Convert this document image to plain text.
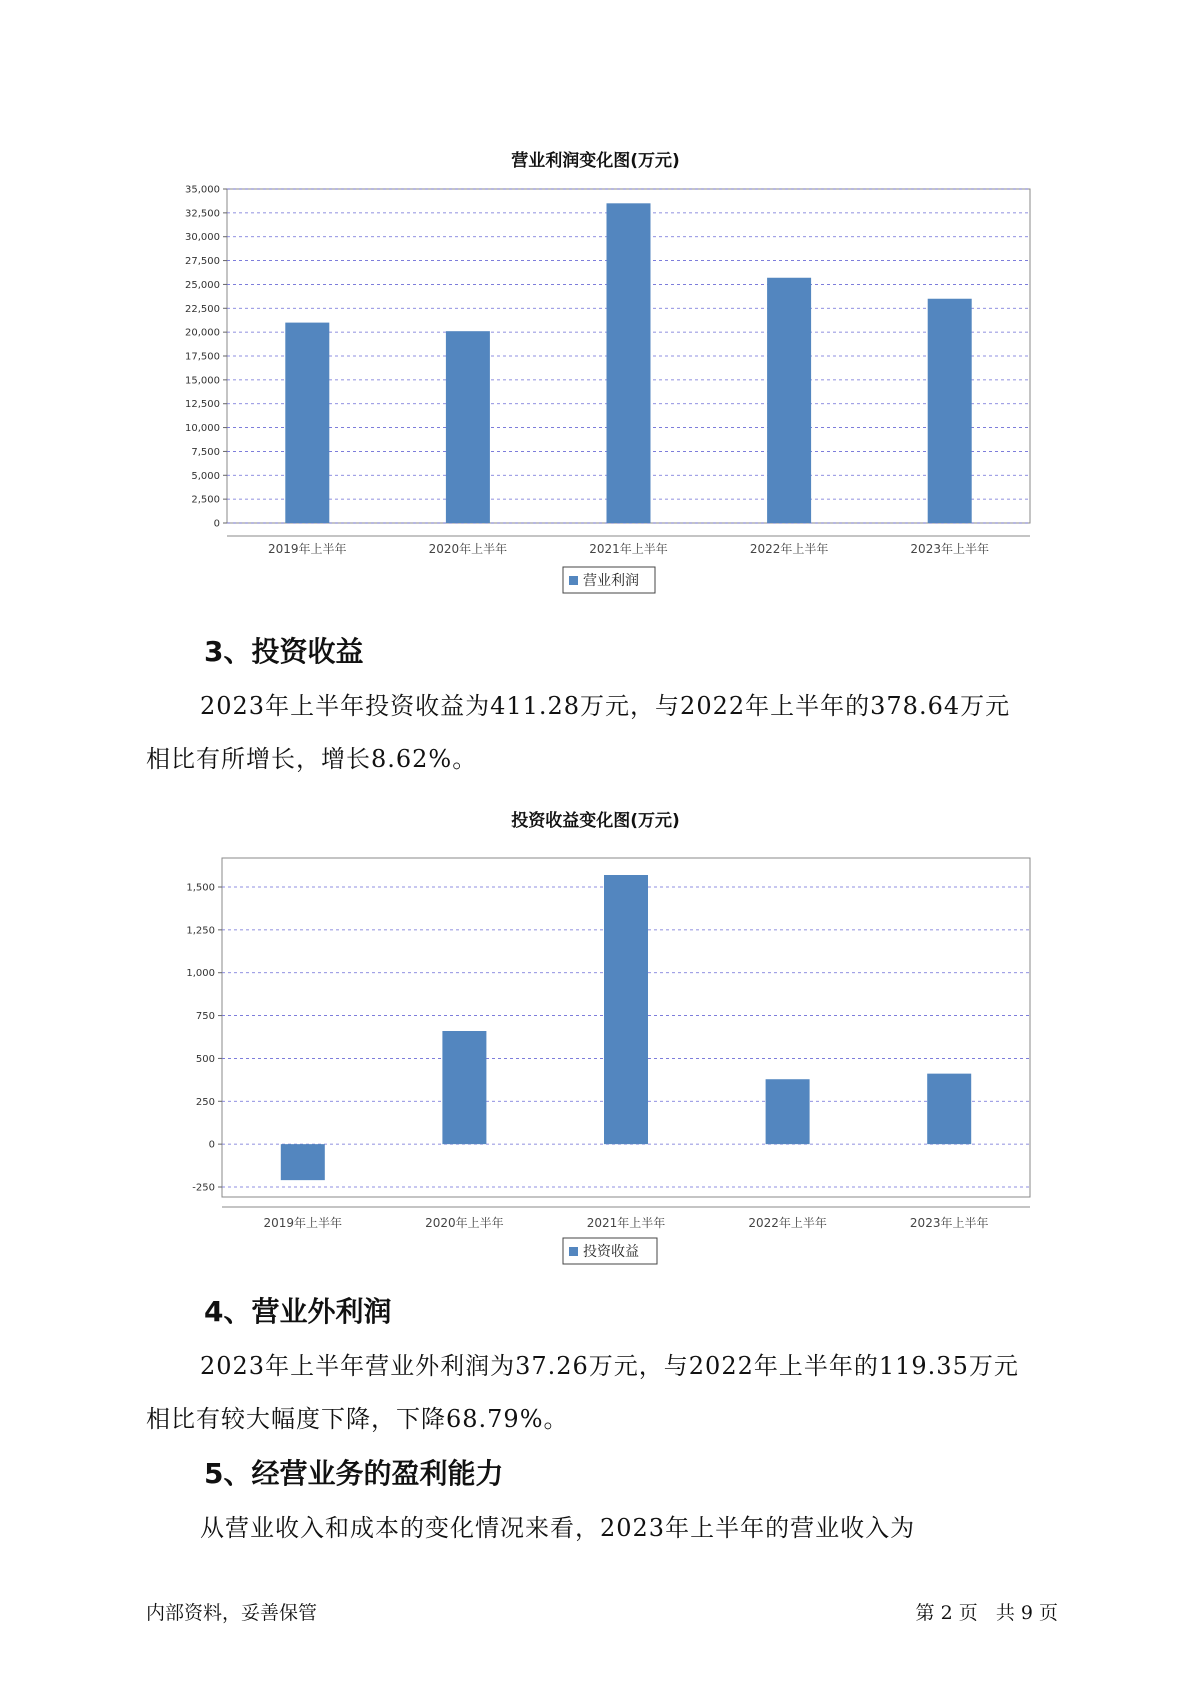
营业利润变化图(万元)
0
2,500
5,000
7,500
10,000
12,500
15,000
17,500
20,000
22,500
25,000
27,500
30,000
32,500
35,000
2019年上半年	2020年上半年	2021年上半年	2022年上半年	2023年上半年
营业利润
3、投资收益
2023年上半年投资收益为411.28万元，与2022年上半年的378.64万元
相比有所增长，增长8.62%。
投资收益变化图(万元)
-250
0
250
500
750
1,000
1,250
1,500
2019年上半年	2020年上半年	2021年上半年	2022年上半年	2023年上半年
投资收益
4、营业外利润
2023年上半年营业外利润为37.26万元，与2022年上半年的119.35万元
相比有较大幅度下降，下降68.79%。
5、经营业务的盈利能力
从营业收入和成本的变化情况来看，2023年上半年的营业收入为
内部资料，妥善保管	第 2 页   共 9 页
